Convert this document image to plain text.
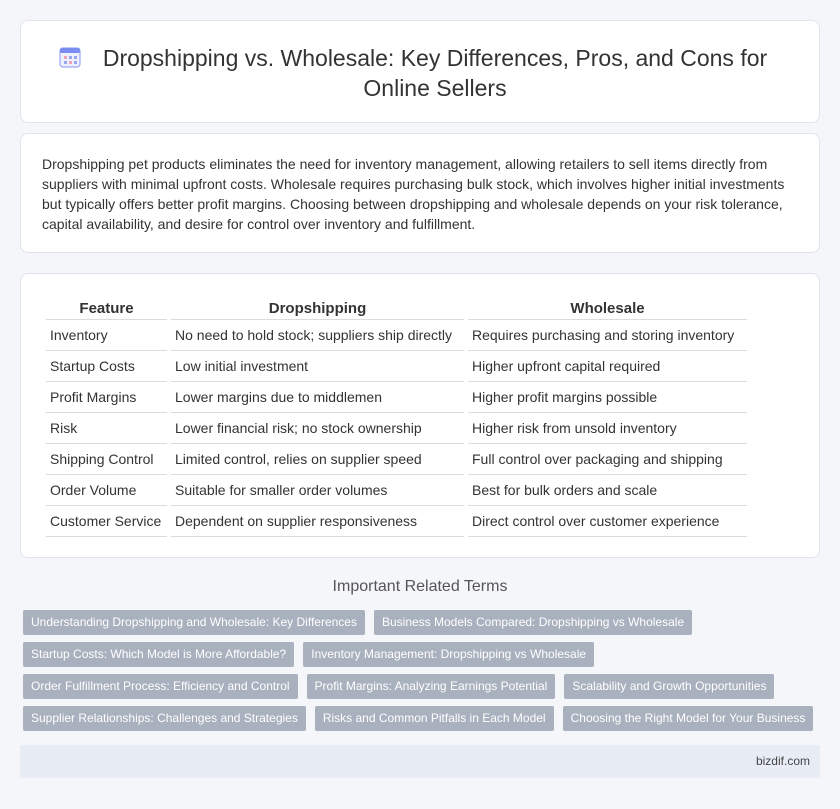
Dropshipping vs. Wholesale: Key Differences, Pros, and Cons for Online Sellers

Dropshipping pet products eliminates the need for inventory management, allowing retailers to sell items directly from suppliers with minimal upfront costs. Wholesale requires purchasing bulk stock, which involves higher initial investments but typically offers better profit margins. Choosing between dropshipping and wholesale depends on your risk tolerance, capital availability, and desire for control over inventory and fulfillment.

Feature	Dropshipping	Wholesale
Inventory	No need to hold stock; suppliers ship directly	Requires purchasing and storing inventory
Startup Costs	Low initial investment	Higher upfront capital required
Profit Margins	Lower margins due to middlemen	Higher profit margins possible
Risk	Lower financial risk; no stock ownership	Higher risk from unsold inventory
Shipping Control	Limited control, relies on supplier speed	Full control over packaging and shipping
Order Volume	Suitable for smaller order volumes	Best for bulk orders and scale
Customer Service	Dependent on supplier responsiveness	Direct control over customer experience
Important Related Terms
Understanding Dropshipping and Wholesale: Key Differences Business Models Compared: Dropshipping vs Wholesale
Startup Costs: Which Model is More Affordable? Inventory Management: Dropshipping vs Wholesale
Order Fulfillment Process: Efficiency and Control Profit Margins: Analyzing Earnings Potential Scalability and Growth Opportunities
Supplier Relationships: Challenges and Strategies Risks and Common Pitfalls in Each Model Choosing the Right Model for Your Business
bizdif.com
